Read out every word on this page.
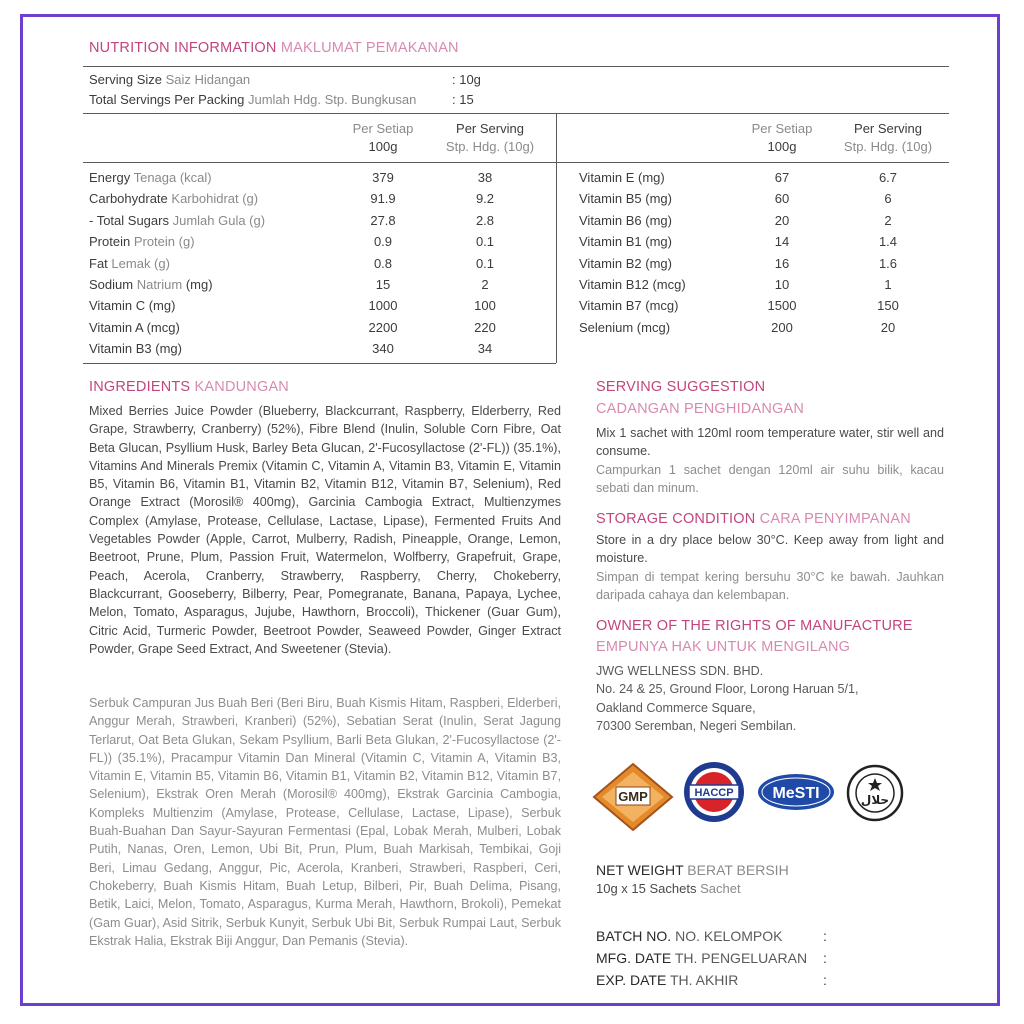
NUTRITION INFORMATION MAKLUMAT PEMAKANAN
Serving Size Saiz Hidangan	: 10g
Total Servings Per Packing Jumlah Hdg. Stp. Bungkusan	: 15
Per Setiap
100g
Per Serving
Stp. Hdg. (10g)
Per Setiap
100g
Per Serving
Stp. Hdg. (10g)
Energy Tenaga (kcal)	379	38
Carbohydrate Karbohidrat (g)	91.9	9.2
- Total Sugars Jumlah Gula (g)	27.8	2.8
Protein Protein (g)	0.9	0.1
Fat Lemak (g)	0.8	0.1
Sodium Natrium (mg)	15	2
Vitamin C (mg)	1000	100
Vitamin A (mcg)	2200	220
Vitamin B3 (mg)	340	34
Vitamin E (mg)	67	6.7
Vitamin B5 (mg)	60	6
Vitamin B6 (mg)	20	2
Vitamin B1 (mg)	14	1.4
Vitamin B2 (mg)	16	1.6
Vitamin B12 (mcg)	10	1
Vitamin B7 (mcg)	1500	150
Selenium (mcg)	200	20
INGREDIENTS KANDUNGAN
Mixed Berries Juice Powder (Blueberry, Blackcurrant, Raspberry, Elderberry, Red Grape, Strawberry, Cranberry) (52%), Fibre Blend (Inulin, Soluble Corn Fibre, Oat Beta Glucan, Psyllium Husk, Barley Beta Glucan, 2'-Fucosyllactose (2'-FL)) (35.1%), Vitamins And Minerals Premix (Vitamin C, Vitamin A, Vitamin B3, Vitamin E, Vitamin B5, Vitamin B6, Vitamin B1, Vitamin B2, Vitamin B12, Vitamin B7, Selenium), Red Orange Extract (Morosil® 400mg), Garcinia Cambogia Extract, Multienzymes Complex (Amylase, Protease, Cellulase, Lactase, Lipase), Fermented Fruits And Vegetables Powder (Apple, Carrot, Mulberry, Radish, Pineapple, Orange, Lemon, Beetroot, Prune, Plum, Passion Fruit, Watermelon, Wolfberry, Grapefruit, Grape, Peach, Acerola, Cranberry, Strawberry, Raspberry, Cherry, Chokeberry, Blackcurrant, Gooseberry, Bilberry, Pear, Pomegranate, Banana, Papaya, Lychee, Melon, Tomato, Asparagus, Jujube, Hawthorn, Broccoli), Thickener (Guar Gum), Citric Acid, Turmeric Powder, Beetroot Powder, Seaweed Powder, Ginger Extract Powder, Grape Seed Extract, And Sweetener (Stevia).
Serbuk Campuran Jus Buah Beri (Beri Biru, Buah Kismis Hitam, Raspberi, Elderberi, Anggur Merah, Strawberi, Kranberi) (52%), Sebatian Serat (Inulin, Serat Jagung Terlarut, Oat Beta Glukan, Sekam Psyllium, Barli Beta Glukan, 2'-Fucosyllactose (2'-FL)) (35.1%), Pracampur Vitamin Dan Mineral (Vitamin C, Vitamin A, Vitamin B3, Vitamin E, Vitamin B5, Vitamin B6, Vitamin B1, Vitamin B2, Vitamin B12, Vitamin B7, Selenium), Ekstrak Oren Merah (Morosil® 400mg), Ekstrak Garcinia Cambogia, Kompleks Multienzim (Amylase, Protease, Cellulase, Lactase, Lipase), Serbuk Buah-Buahan Dan Sayur-Sayuran Fermentasi (Epal, Lobak Merah, Mulberi, Lobak Putih, Nanas, Oren, Lemon, Ubi Bit, Prun, Plum, Buah Markisah, Tembikai, Goji Beri, Limau Gedang, Anggur, Pic, Acerola, Kranberi, Strawberi, Raspberi, Ceri, Chokeberry, Buah Kismis Hitam, Buah Letup, Bilberi, Pir, Buah Delima, Pisang, Betik, Laici, Melon, Tomato, Asparagus, Kurma Merah, Hawthorn, Brokoli), Pemekat (Gam Guar), Asid Sitrik, Serbuk Kunyit, Serbuk Ubi Bit, Serbuk Rumpai Laut, Serbuk Ekstrak Halia, Ekstrak Biji Anggur, Dan Pemanis (Stevia).
SERVING SUGGESTION
CADANGAN PENGHIDANGAN
Mix 1 sachet with 120ml room temperature water, stir well and consume.
Campurkan 1 sachet dengan 120ml air suhu bilik, kacau sebati dan minum.
STORAGE CONDITION CARA PENYIMPANAN
Store in a dry place below 30°C. Keep away from light and moisture.
Simpan di tempat kering bersuhu 30°C ke bawah. Jauhkan daripada cahaya dan kelembapan.
OWNER OF THE RIGHTS OF MANUFACTURE
EMPUNYA HAK UNTUK MENGILANG
JWG WELLNESS SDN. BHD.
No. 24 & 25, Ground Floor, Lorong Haruan 5/1,
Oakland Commerce Square,
70300 Seremban, Negeri Sembilan.
GMP	HACCP MeSTI	حلال
NET WEIGHT BERAT BERSIH
10g x 15 Sachets Sachet
BATCH NO. NO. KELOMPOK	:
MFG. DATE TH. PENGELUARAN :
EXP. DATE TH. AKHIR	:
